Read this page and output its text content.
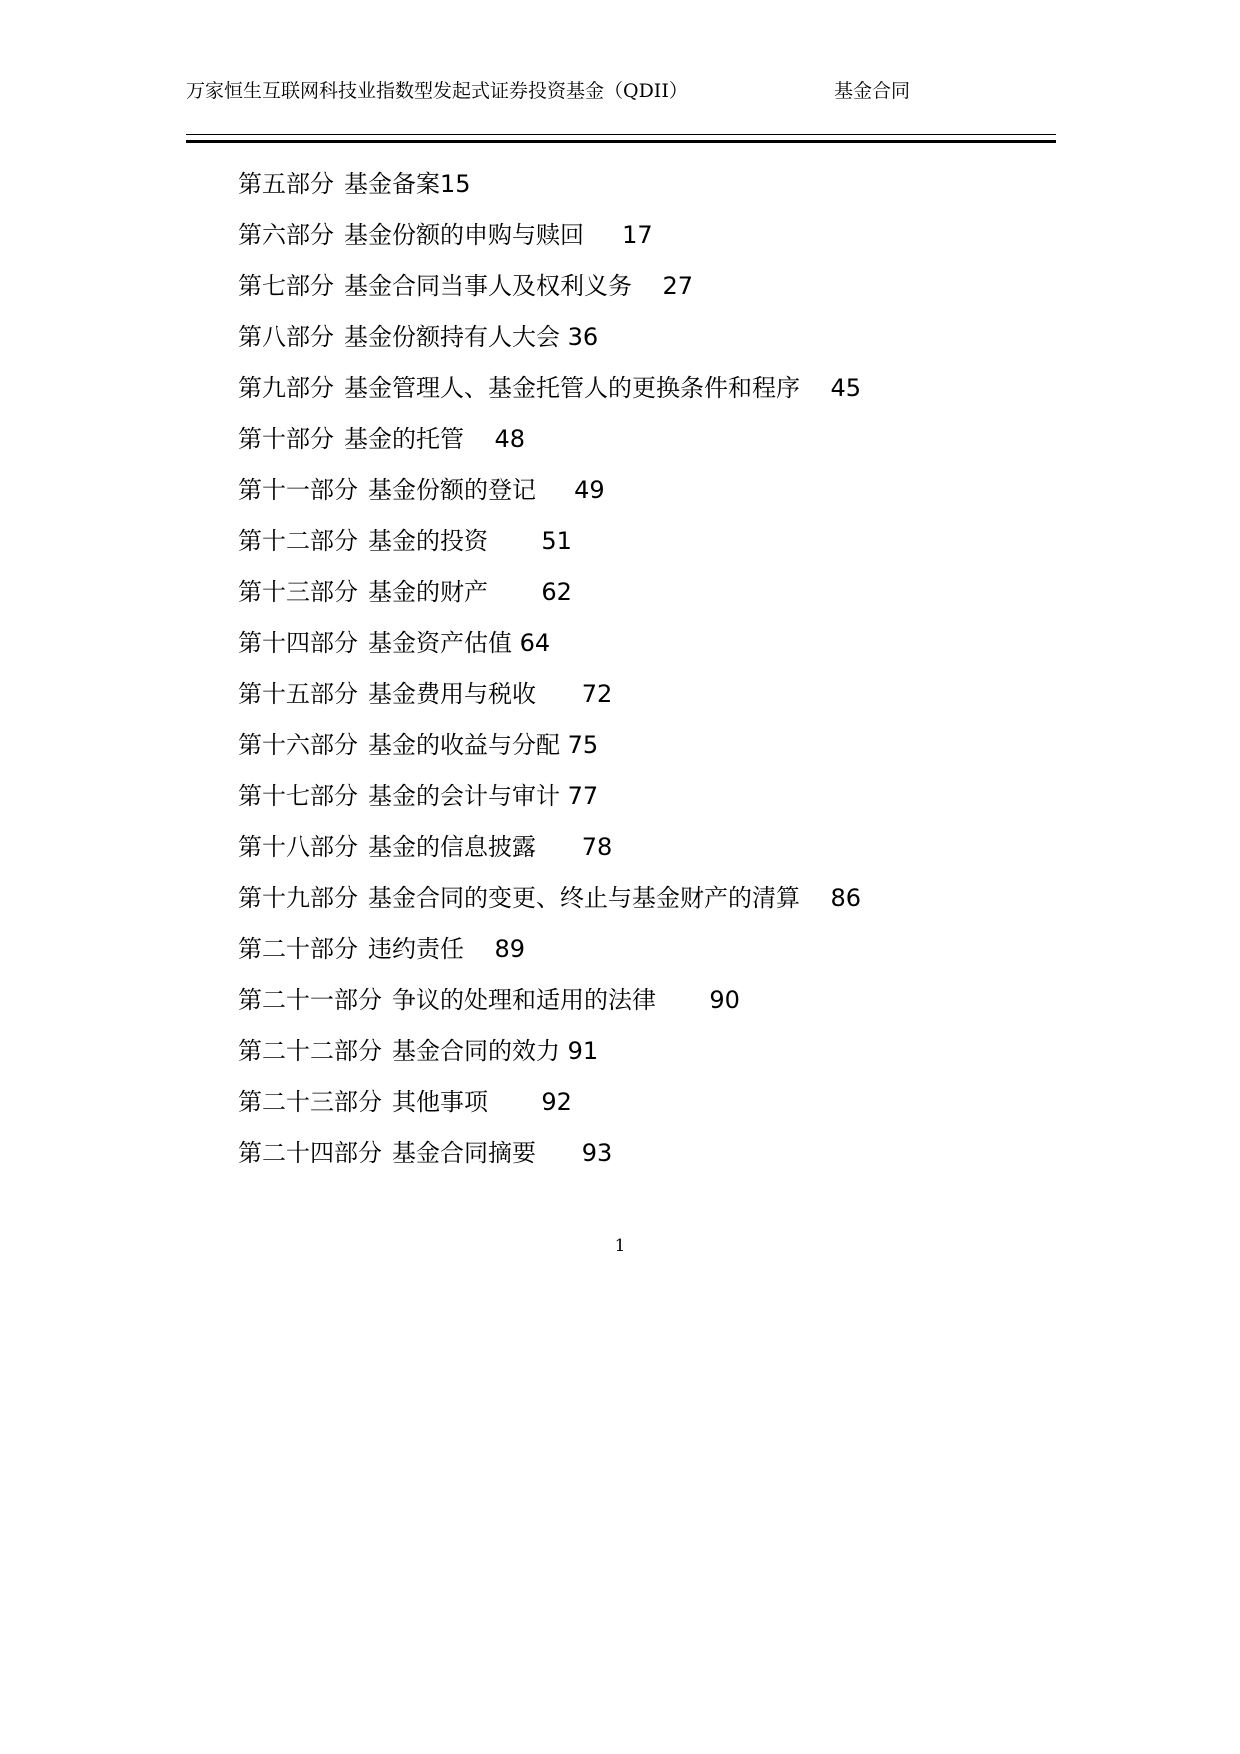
万家恒生互联网科技业指数型发起式证券投资基金（QDII）	基金合同
第五部分 基金备案15
第六部分 基金份额的申购与赎回 17
第七部分 基金合同当事人及权利义务 27
第八部分 基金份额持有人大会 36
第九部分 基金管理人、基金托管人的更换条件和程序 45
第十部分 基金的托管 48
第十一部分 基金份额的登记 49
第十二部分 基金的投资 51
第十三部分 基金的财产 62
第十四部分 基金资产估值 64
第十五部分 基金费用与税收 72
第十六部分 基金的收益与分配 75
第十七部分 基金的会计与审计 77
第十八部分 基金的信息披露 78
第十九部分 基金合同的变更、终止与基金财产的清算 86
第二十部分 违约责任 89
第二十一部分 争议的处理和适用的法律 90
第二十二部分 基金合同的效力 91
第二十三部分 其他事项 92
第二十四部分 基金合同摘要 93
1
